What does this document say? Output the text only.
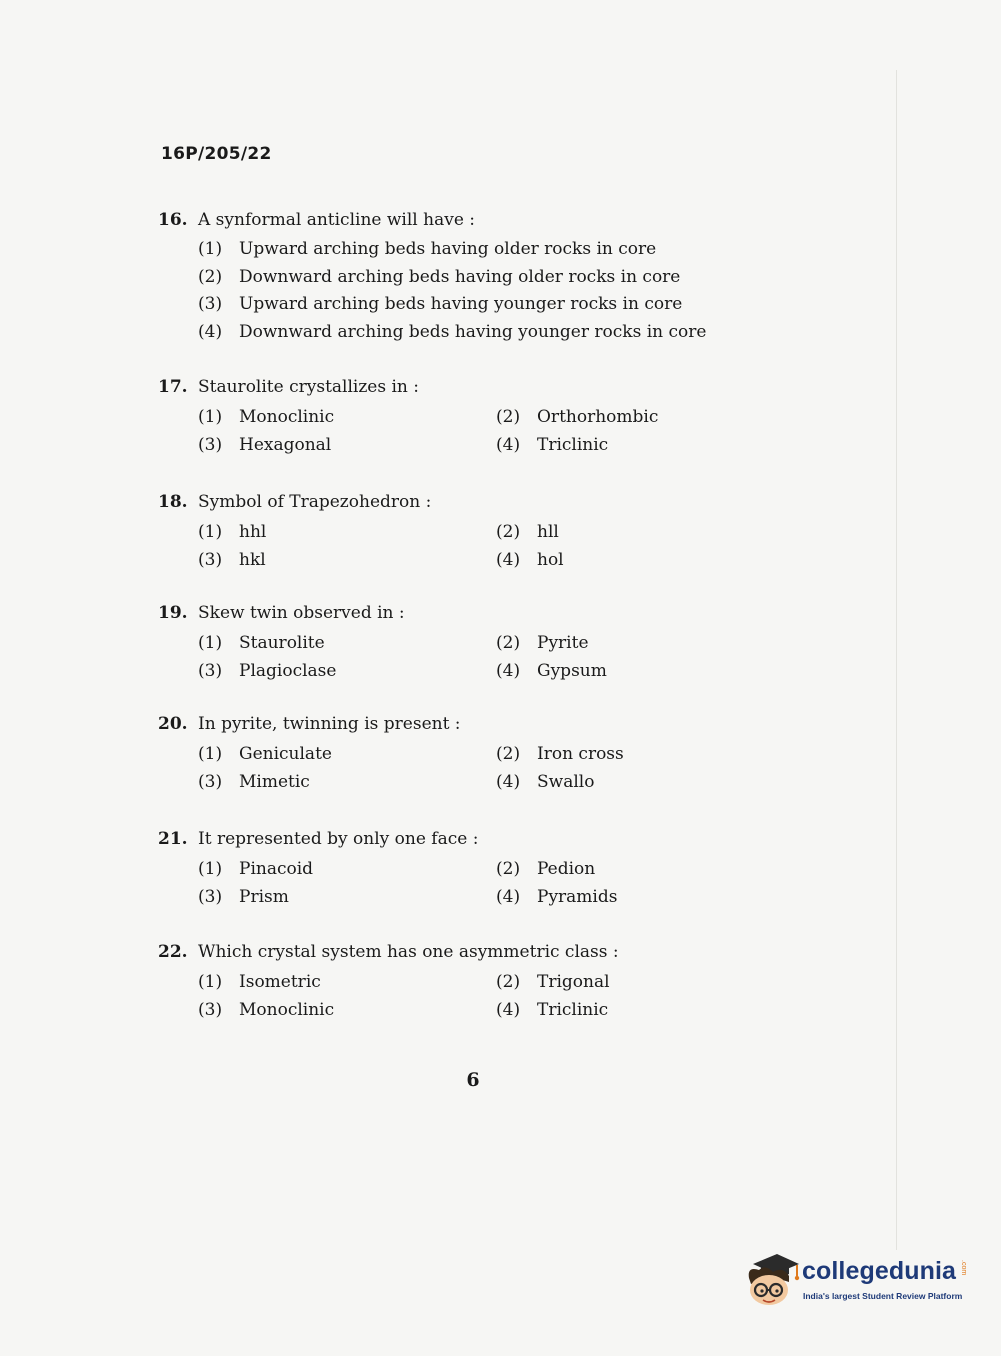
16P/205/22
16. A synformal anticline will have :
(1) Upward arching beds having older rocks in core
(2) Downward arching beds having older rocks in core
(3) Upward arching beds having younger rocks in core
(4) Downward arching beds having younger rocks in core
17. Staurolite crystallizes in :
(1) Monoclinic	(2) Orthorhombic
(3) Hexagonal	(4) Triclinic
18. Symbol of Trapezohedron :
(1) hhl	(2) hll
(3) hkl	(4) hol
19. Skew twin observed in :
(1) Staurolite	(2) Pyrite
(3) Plagioclase	(4) Gypsum
20. In pyrite, twinning is present :
(1) Geniculate	(2) Iron cross
(3) Mimetic	(4) Swallo
21. It represented by only one face :
(1) Pinacoid	(2) Pedion
(3) Prism	(4) Pyramids
22. Which crystal system has one asymmetric class :
(1) Isometric	(2) Trigonal
(3) Monoclinic	(4) Triclinic
6
collegedunia .com
India's largest Student Review Platform
